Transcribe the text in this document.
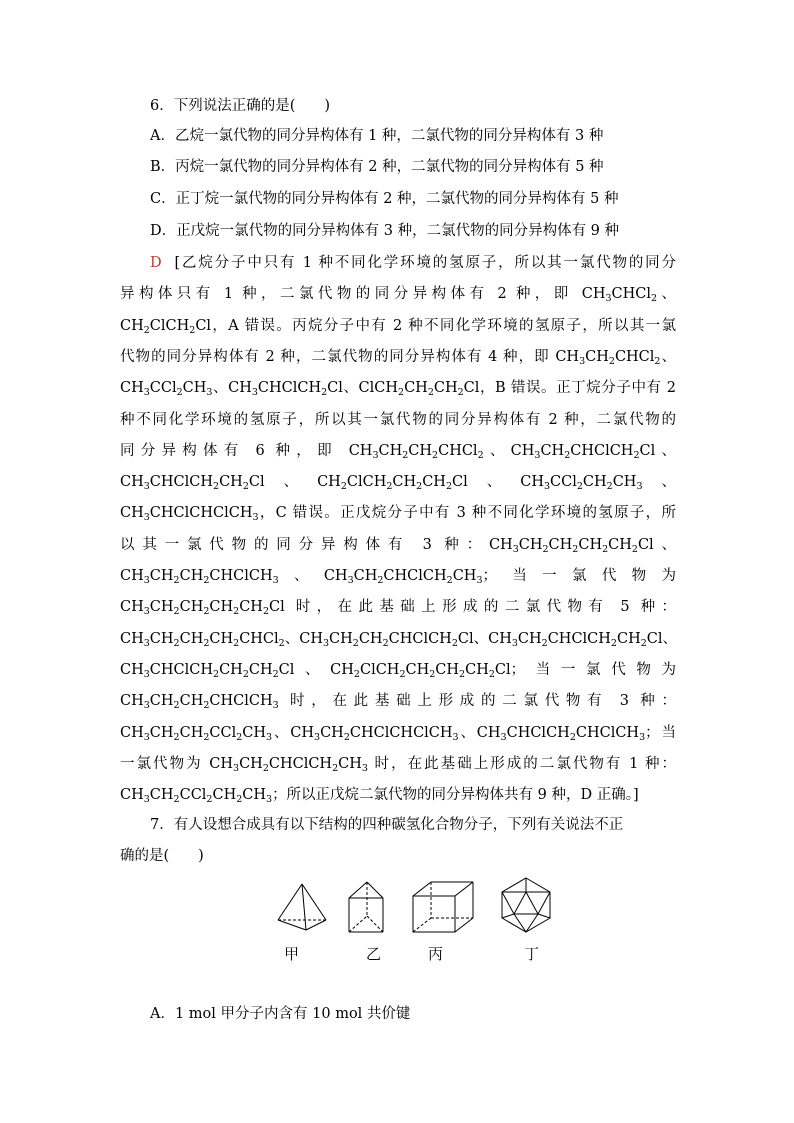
6．下列说法正确的是(　　)
A．乙烷一氯代物的同分异构体有 1 种，二氯代物的同分异构体有 3 种
B．丙烷一氯代物的同分异构体有 2 种，二氯代物的同分异构体有 5 种
C．正丁烷一氯代物的同分异构体有 2 种，二氯代物的同分异构体有 5 种
D．正戊烷一氯代物的同分异构体有 3 种，二氯代物的同分异构体有 9 种
D  [乙烷分子中只有 1 种不同化学环境的氢原子，所以其一氯代物的同分
异构体只有 1 种，二氯代物的同分异构体有 2 种，即 $CH_3CHCl_2$、
$CH_2ClCH_2Cl$，A 错误。丙烷分子中有 2 种不同化学环境的氢原子，所以其一氯
代物的同分异构体有 2 种，二氯代物的同分异构体有 4 种，即 $CH_3CH_2CHCl_2$、
$CH_3CCl_2CH_3$、$CH_3CHClCH_2Cl$、$ClCH_2CH_2CH_2Cl$，B 错误。正丁烷分子中有 2
种不同化学环境的氢原子，所以其一氯代物的同分异构体有 2 种，二氯代物的
同分异构体有 6 种，即 $CH_3CH_2CH_2CHCl_2$、$CH_3CH_2CHClCH_2Cl$、
$CH_3CHClCH_2CH_2Cl$、$CH_2ClCH_2CH_2CH_2Cl$、$CH_3CCl_2CH_2CH_3$、
$CH_3CHClCHClCH_3$，C 错误。正戊烷分子中有 3 种不同化学环境的氢原子，所
以其一氯代物的同分异构体有 3 种：$CH_3CH_2CH_2CH_2CH_2Cl$、
$CH_3CH_2CH_2CHClCH_3$、$CH_3CH_2CHClCH_2CH_3$；当一氯代物为
$CH_3CH_2CH_2CH_2CH_2Cl$ 时，在此基础上形成的二氯代物有 5 种：
$CH_3CH_2CH_2CH_2CHCl_2$、$CH_3CH_2CH_2CHClCH_2Cl$、$CH_3CH_2CHClCH_2CH_2Cl$、
$CH_3CHClCH_2CH_2CH_2Cl$、$CH_2ClCH_2CH_2CH_2CH_2Cl$；当一氯代物为
$CH_3CH_2CH_2CHClCH_3$ 时，在此基础上形成的二氯代物有 3 种：
$CH_3CH_2CH_2CCl_2CH_3$、$CH_3CH_2CHClCHClCH_3$、$CH_3CHClCH_2CHClCH_3$；当
一氯代物为 $CH_3CH_2CHClCH_2CH_3$ 时，在此基础上形成的二氯代物有 1 种：
$CH_3CH_2CCl_2CH_2CH_3$；所以正戊烷二氯代物的同分异构体共有 9 种，D 正确。]
7．有人设想合成具有以下结构的四种碳氢化合物分子，下列有关说法不正
确的是(　　)
甲	乙	丙	丁
A．1 mol 甲分子内含有 10 mol 共价键
